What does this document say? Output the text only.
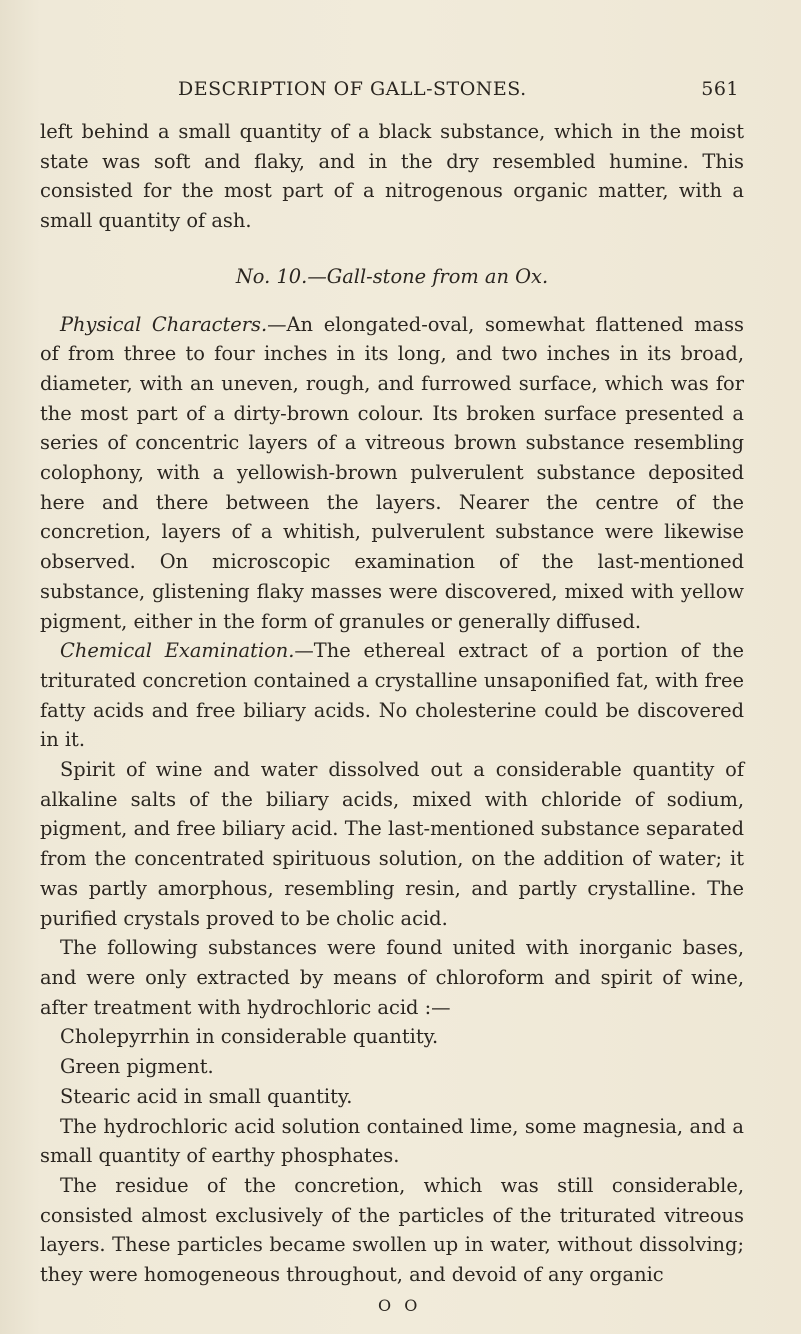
DESCRIPTION OF GALL-STONES.	561

left behind a small quantity of a black substance, which in the moist state was soft and flaky, and in the dry resembled humine. This consisted for the most part of a nitrogenous organic matter, with a small quantity of ash.

No. 10.—Gall-stone from an Ox.

Physical Characters.—An elongated-oval, somewhat flattened mass of from three to four inches in its long, and two inches in its broad, diameter, with an uneven, rough, and furrowed surface, which was for the most part of a dirty-brown colour. Its broken surface presented a series of concentric layers of a vitreous brown substance resembling colophony, with a yellowish-brown pulverulent substance deposited here and there between the layers. Nearer the centre of the concretion, layers of a whitish, pulverulent substance were likewise observed. On microscopic examination of the last-mentioned substance, glistening flaky masses were discovered, mixed with yellow pigment, either in the form of granules or generally diffused.

Chemical Examination.—The ethereal extract of a portion of the triturated concretion contained a crystalline unsaponified fat, with free fatty acids and free biliary acids. No cholesterine could be discovered in it.

Spirit of wine and water dissolved out a considerable quantity of alkaline salts of the biliary acids, mixed with chloride of sodium, pigment, and free biliary acid. The last-mentioned substance separated from the concentrated spirituous solution, on the addition of water; it was partly amorphous, resembling resin, and partly crystalline. The purified crystals proved to be cholic acid.

The following substances were found united with inorganic bases, and were only extracted by means of chloroform and spirit of wine, after treatment with hydrochloric acid :—

Cholepyrrhin in considerable quantity.

Green pigment.

Stearic acid in small quantity.

The hydrochloric acid solution contained lime, some magnesia, and a small quantity of earthy phosphates.

The residue of the concretion, which was still considerable, consisted almost exclusively of the particles of the triturated vitreous layers. These particles became swollen up in water, without dissolving; they were homogeneous throughout, and devoid of any organic

O O
